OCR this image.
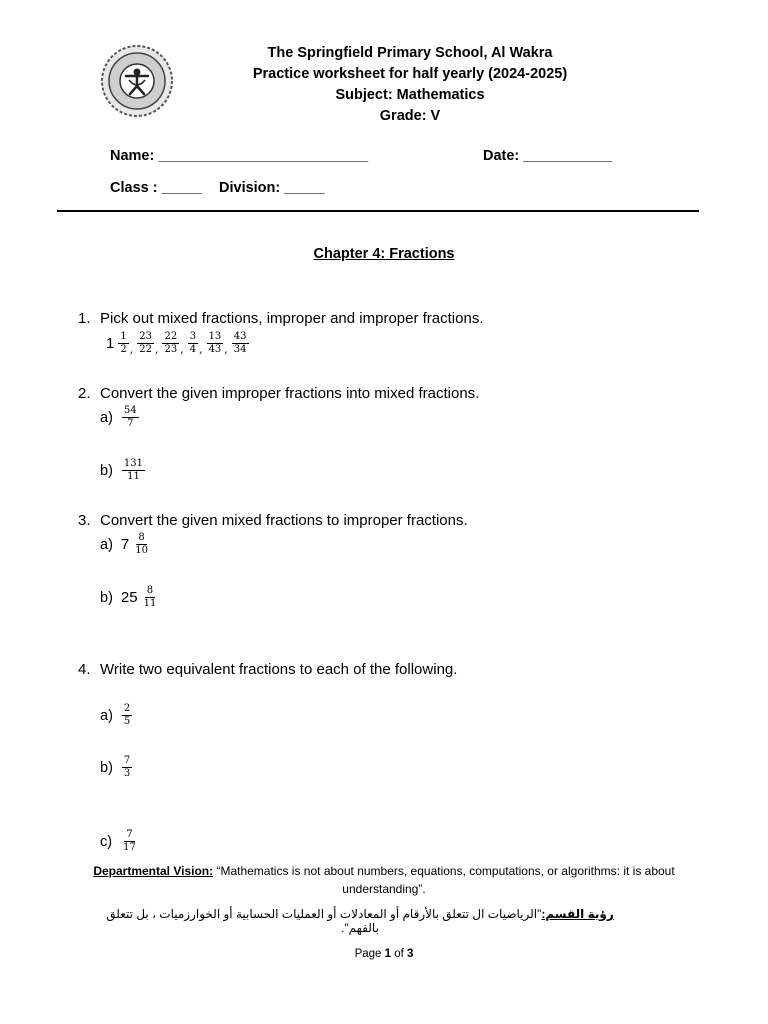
The Springfield Primary School, Al Wakra
Practice worksheet for half yearly (2024-2025)
Subject: Mathematics
Grade: V
Name: __________________________	Date: ___________
Class : _____ Division: _____
Chapter 4: Fractions
1. Pick out mixed fractions, improper and improper fractions.
$1 \frac{1}{2}$ , $\frac{23}{22}$ , $\frac{22}{23}$ , $\frac{3}{4}$ , $\frac{13}{43}$ , $\frac{43}{34}$
2. Convert the given improper fractions into mixed fractions.
$a) \frac{54}{7}$
$b) \frac{131}{11}$
3. Convert the given mixed fractions to improper fractions.
a) $7 \frac{8}{10}$
b) $25 \frac{8}{11}$
4. Write two equivalent fractions to each of the following.
$a) \frac{2}{5}$
$b) \frac{7}{3}$
$c) \frac{7}{17}$
Departmental Vision: “Mathematics is not about numbers, equations, computations, or algorithms: it is about understanding”.
رؤية القسم:"الرياضيات ال تتعلق بالأرقام أو المعادلات أو العمليات الحسابية أو الخوارزميات ، بل تتعلق بالفهم".
Page 1 of 3
